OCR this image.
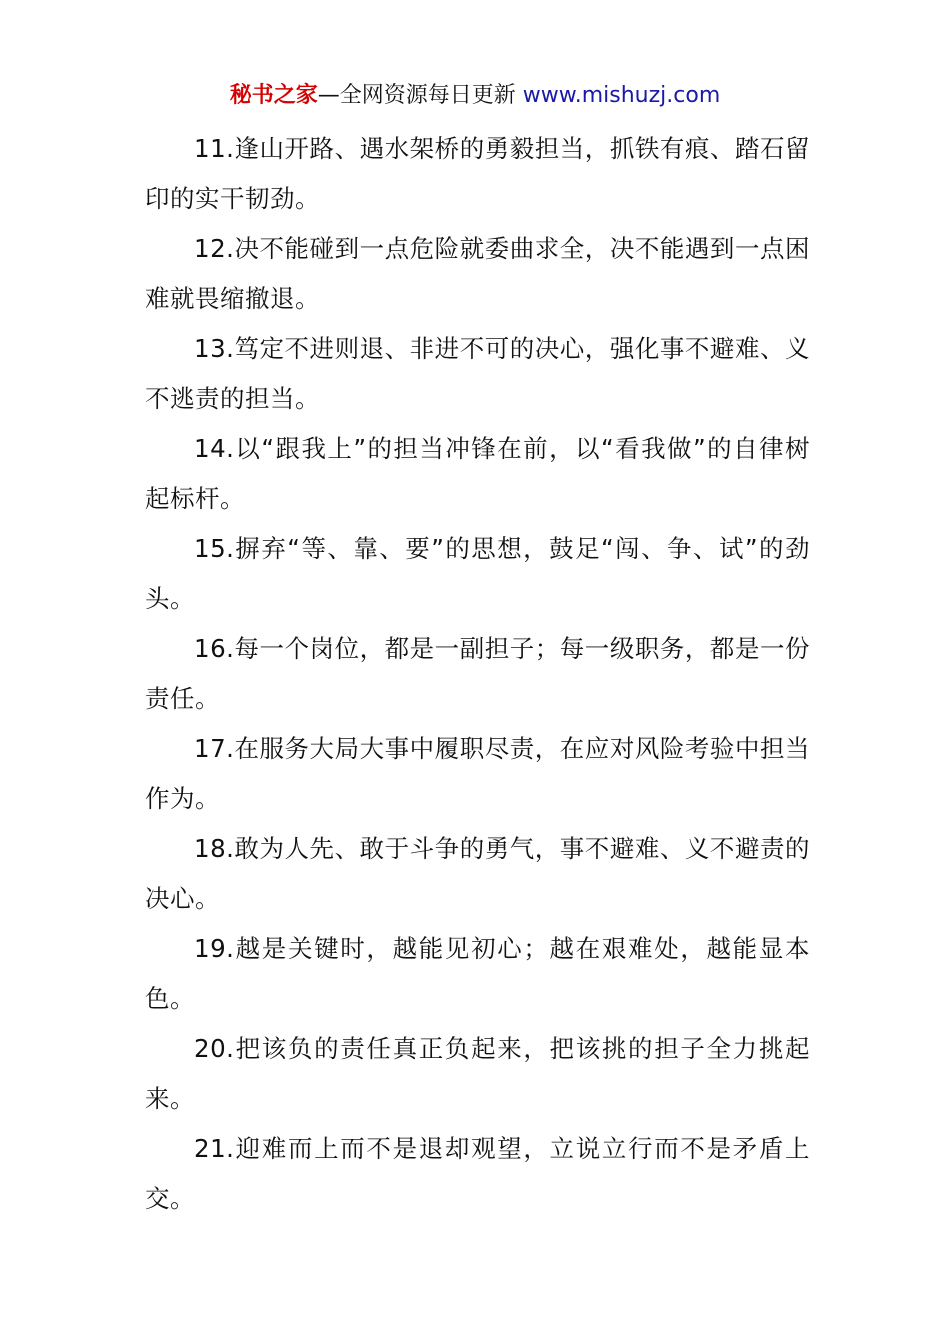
秘书之家—全网资源每日更新 www.mishuzj.com

11.逢山开路、遇水架桥的勇毅担当，抓铁有痕、踏石留印的实干韧劲。

12.决不能碰到一点危险就委曲求全，决不能遇到一点困难就畏缩撤退。

13.笃定不进则退、非进不可的决心，强化事不避难、义不逃责的担当。

14.以“跟我上”的担当冲锋在前，以“看我做”的自律树起标杆。

15.摒弃“等、靠、要”的思想，鼓足“闯、争、试”的劲头。

16.每一个岗位，都是一副担子；每一级职务，都是一份责任。

17.在服务大局大事中履职尽责，在应对风险考验中担当作为。

18.敢为人先、敢于斗争的勇气，事不避难、义不避责的决心。

19.越是关键时，越能见初心；越在艰难处，越能显本色。

20.把该负的责任真正负起来，把该挑的担子全力挑起来。

21.迎难而上而不是退却观望，立说立行而不是矛盾上交。
